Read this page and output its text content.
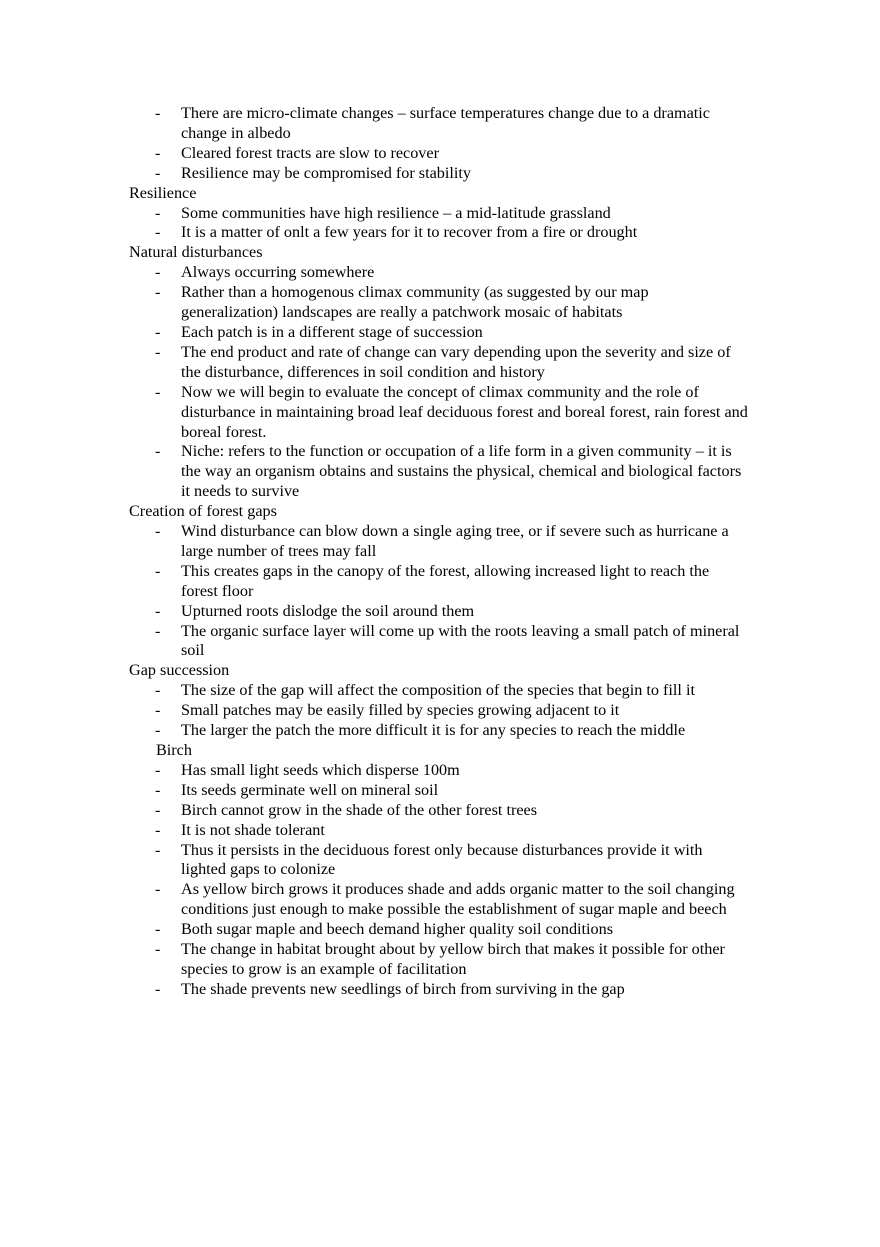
- There are micro-climate changes – surface temperatures change due to a dramatic change in albedo
- Cleared forest tracts are slow to recover
- Resilience may be compromised for stability
Resilience
- Some communities have high resilience – a mid-latitude grassland
- It is a matter of onlt a few years for it to recover from a fire or drought
Natural disturbances
- Always occurring somewhere
- Rather than a homogenous climax community (as suggested by our map generalization) landscapes are really a patchwork mosaic of habitats
- Each patch is in a different stage of succession
- The end product and rate of change can vary depending upon the severity and size of the disturbance, differences in soil condition and history
- Now we will begin to evaluate the concept of climax community and the role of disturbance in maintaining broad leaf deciduous forest and boreal forest, rain forest and boreal forest.
- Niche: refers to the function or occupation of a life form in a given community – it is the way an organism obtains and sustains the physical, chemical and biological factors it needs to survive
Creation of forest gaps
- Wind disturbance can blow down a single aging tree, or if severe such as hurricane a large number of trees may fall
- This creates gaps in the canopy of the forest, allowing increased light to reach the forest floor
- Upturned roots dislodge the soil around them
- The organic surface layer will come up with the roots leaving a small patch of mineral soil
Gap succession
- The size of the gap will affect the composition of the species that begin to fill it
- Small patches may be easily filled by species growing adjacent to it
- The larger the patch the more difficult it is for any species to reach the middle
Birch
- Has small light seeds which disperse 100m
- Its seeds germinate well on mineral soil
- Birch cannot grow in the shade of the other forest trees
- It is not shade tolerant
- Thus it persists in the deciduous forest only because disturbances provide it with lighted gaps to colonize
- As yellow birch grows it produces shade and adds organic matter to the soil changing conditions just enough to make possible the establishment of sugar maple and beech
- Both sugar maple and beech demand higher quality soil conditions
- The change in habitat brought about by yellow birch that makes it possible for other species to grow is an example of facilitation
- The shade prevents new seedlings of birch from surviving in the gap
